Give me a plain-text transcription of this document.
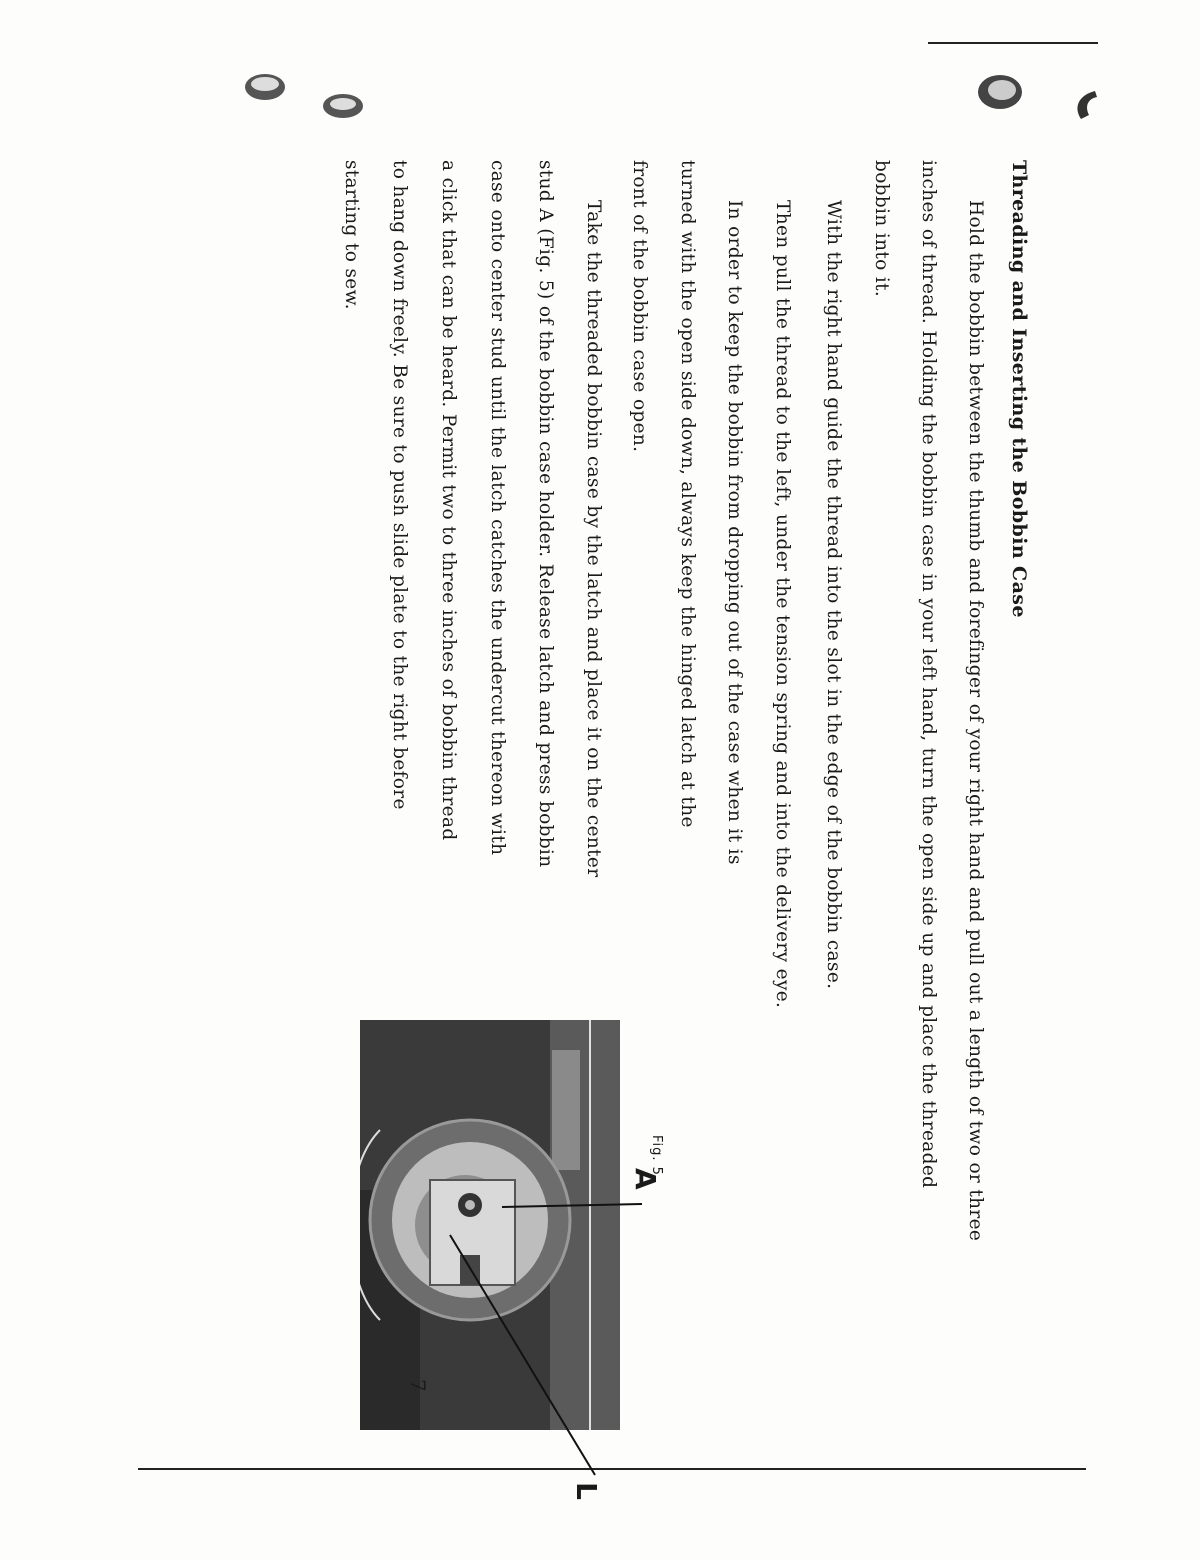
Threading and Inserting the Bobbin Case

Hold the bobbin between the thumb and forefinger of your right hand and pull out a length of two or three

inches of thread. Holding the bobbin case in your left hand, turn the open side up and place the threaded

bobbin into it.

With the right hand guide the thread into the slot in the edge of the bobbin case.

Then pull the thread to the left, under the tension spring and into the delivery eye.

In order to keep the bobbin from dropping out of the case when it is

turned with the open side down, always keep the hinged latch at the

front of the bobbin case open.

Take the threaded bobbin case by the latch and place it on the center

stud A (Fig. 5) of the bobbin case holder. Release latch and press bobbin

case onto center stud until the latch catches the undercut thereon with

a click that can be heard. Permit two to three inches of bobbin thread

to hang down freely. Be sure to push slide plate to the right before

starting to sew.

Fig. 5
A
L
7
